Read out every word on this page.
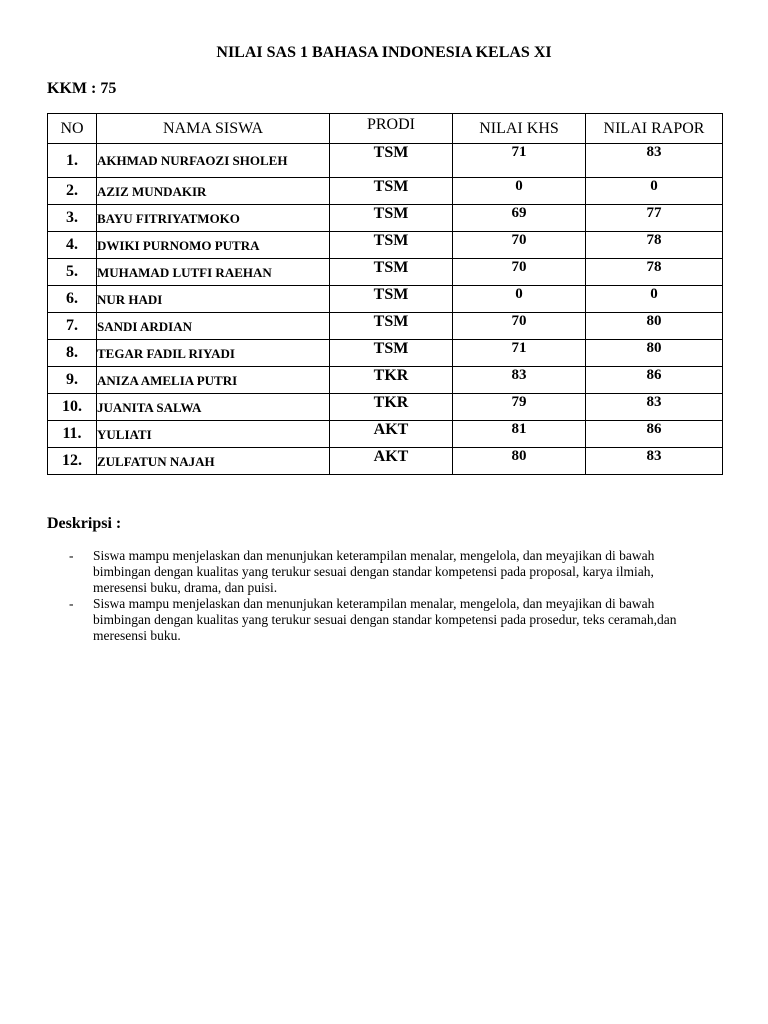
NILAI SAS 1 BAHASA INDONESIA KELAS XI
KKM : 75
NO	NAMA SISWA	PRODI	NILAI KHS	NILAI RAPOR
1.	AKHMAD NURFAOZI SHOLEH	TSM	71	83
2.	AZIZ MUNDAKIR	TSM	0	0
3.	BAYU FITRIYATMOKO	TSM	69	77
4.	DWIKI PURNOMO PUTRA	TSM	70	78
5.	MUHAMAD LUTFI RAEHAN	TSM	70	78
6.	NUR HADI	TSM	0	0
7.	SANDI ARDIAN	TSM	70	80
8.	TEGAR FADIL RIYADI	TSM	71	80
9.	ANIZA AMELIA PUTRI	TKR	83	86
10.	JUANITA SALWA	TKR	79	83
11.	YULIATI	AKT	81	86
12.	ZULFATUN NAJAH	AKT	80	83
Deskripsi :
- Siswa mampu menjelaskan dan menunjukan keterampilan menalar, mengelola, dan meyajikan di bawah bimbingan dengan kualitas yang terukur sesuai dengan standar kompetensi pada proposal, karya ilmiah, meresensi buku, drama, dan puisi.
- Siswa mampu menjelaskan dan menunjukan keterampilan menalar, mengelola, dan meyajikan di bawah bimbingan dengan kualitas yang terukur sesuai dengan standar kompetensi pada prosedur, teks ceramah,dan meresensi buku.
